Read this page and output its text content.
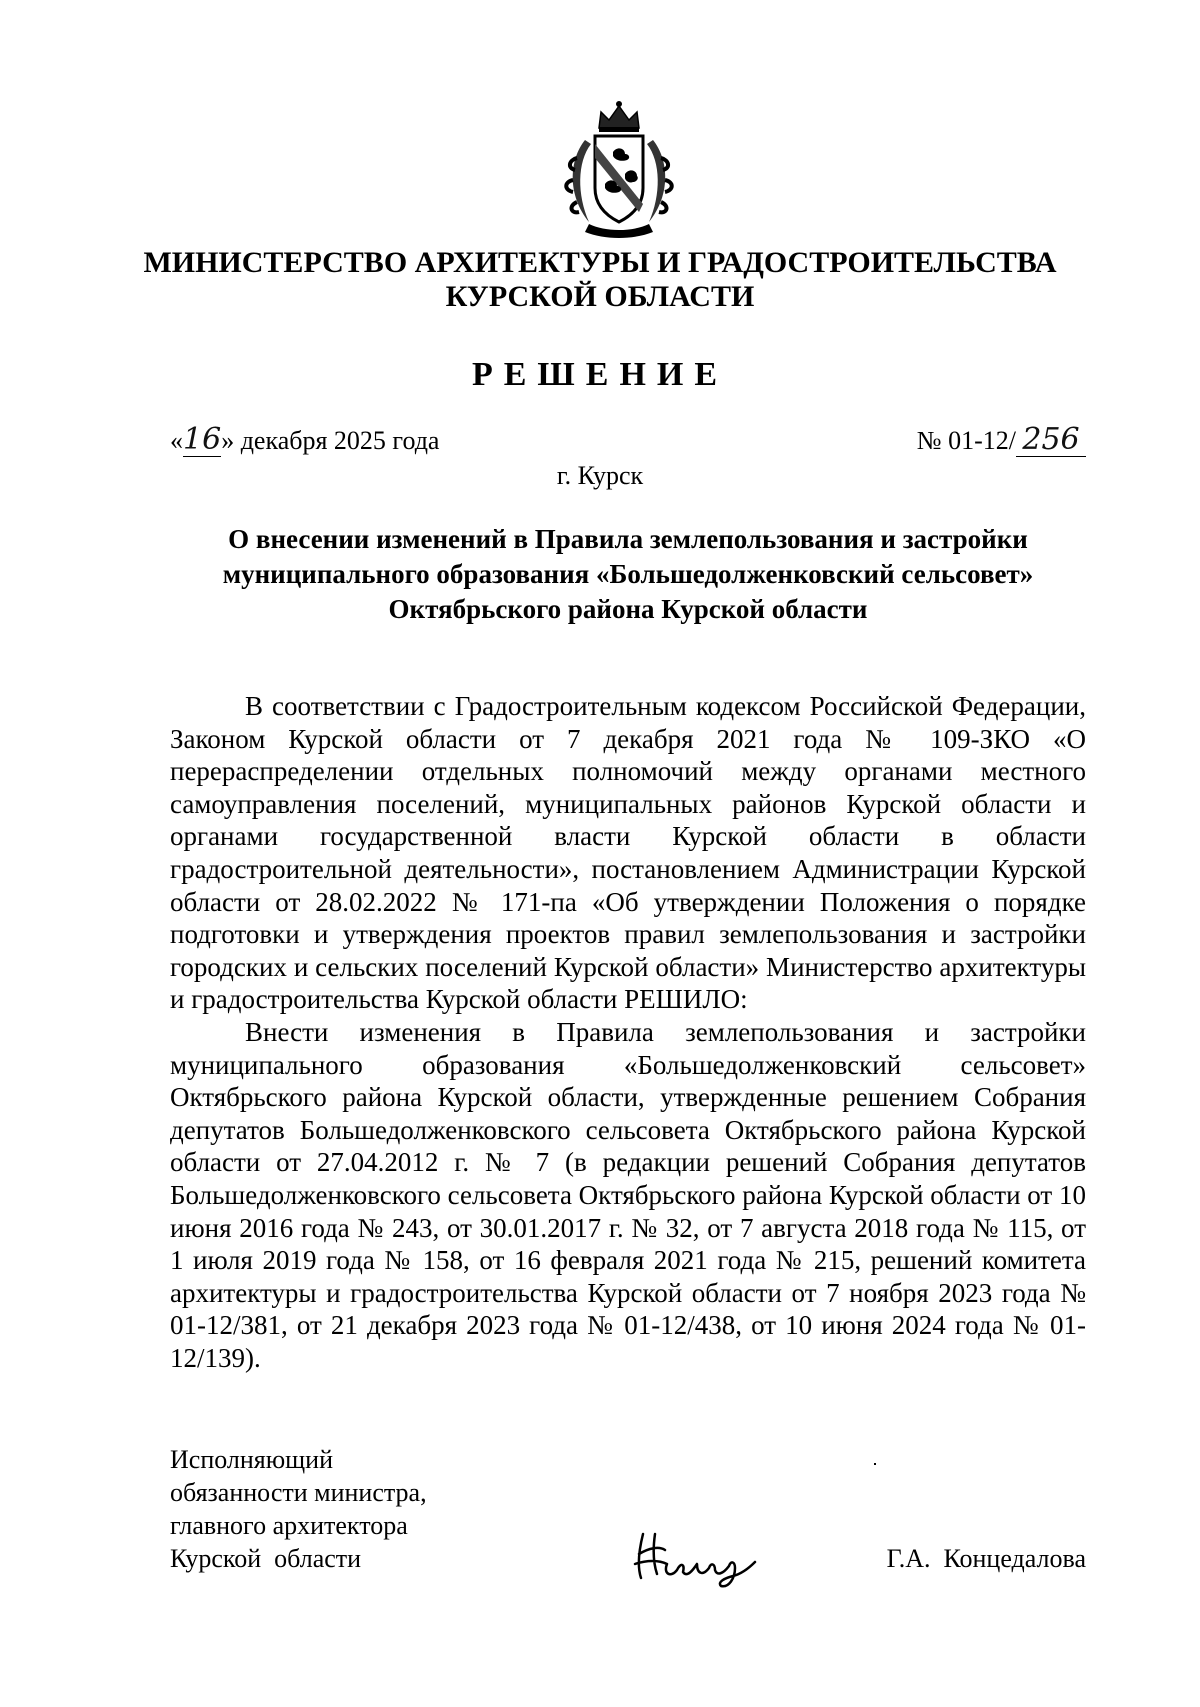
МИНИСТЕРСТВО АРХИТЕКТУРЫ И ГРАДОСТРОИТЕЛЬСТВА
КУРСКОЙ ОБЛАСТИ
РЕШЕНИЕ
«16» декабря 2025 года	№ 01-12/ 256
г. Курск
О внесении изменений в Правила землепользования и застройки
муниципального образования «Большедолженковский сельсовет»
Октябрьского района Курской области

В соответствии с Градостроительным кодексом Российской Федерации, Законом Курской области от 7 декабря 2021 года № 109-ЗКО «О перераспределении отдельных полномочий между органами местного самоуправления поселений, муниципальных районов Курской области и органами государственной власти Курской области в области градостроительной деятельности», постановлением Администрации Курской области от 28.02.2022 № 171-па «Об утверждении Положения о порядке подготовки и утверждения проектов правил землепользования и застройки городских и сельских поселений Курской области» Министерство архитектуры и градостроительства Курской области РЕШИЛО:

Внести изменения в Правила землепользования и застройки муниципального образования «Большедолженковский сельсовет» Октябрьского района Курской области, утвержденные решением Собрания депутатов Большедолженковского сельсовета Октябрьского района Курской области от 27.04.2012 г. № 7 (в редакции решений Собрания депутатов Большедолженковского сельсовета Октябрьского района Курской области от 10 июня 2016 года № 243, от 30.01.2017 г. № 32, от 7 августа 2018 года № 115, от 1 июля 2019 года № 158, от 16 февраля 2021 года № 215, решений комитета архитектуры и градостроительства Курской области от 7 ноября 2023 года № 01-12/381, от 21 декабря 2023 года № 01-12/438, от 10 июня 2024 года № 01-12/139).

Исполняющий
обязанности министра,
главного архитектора
Курской  области	Г.А.  Концедалова
